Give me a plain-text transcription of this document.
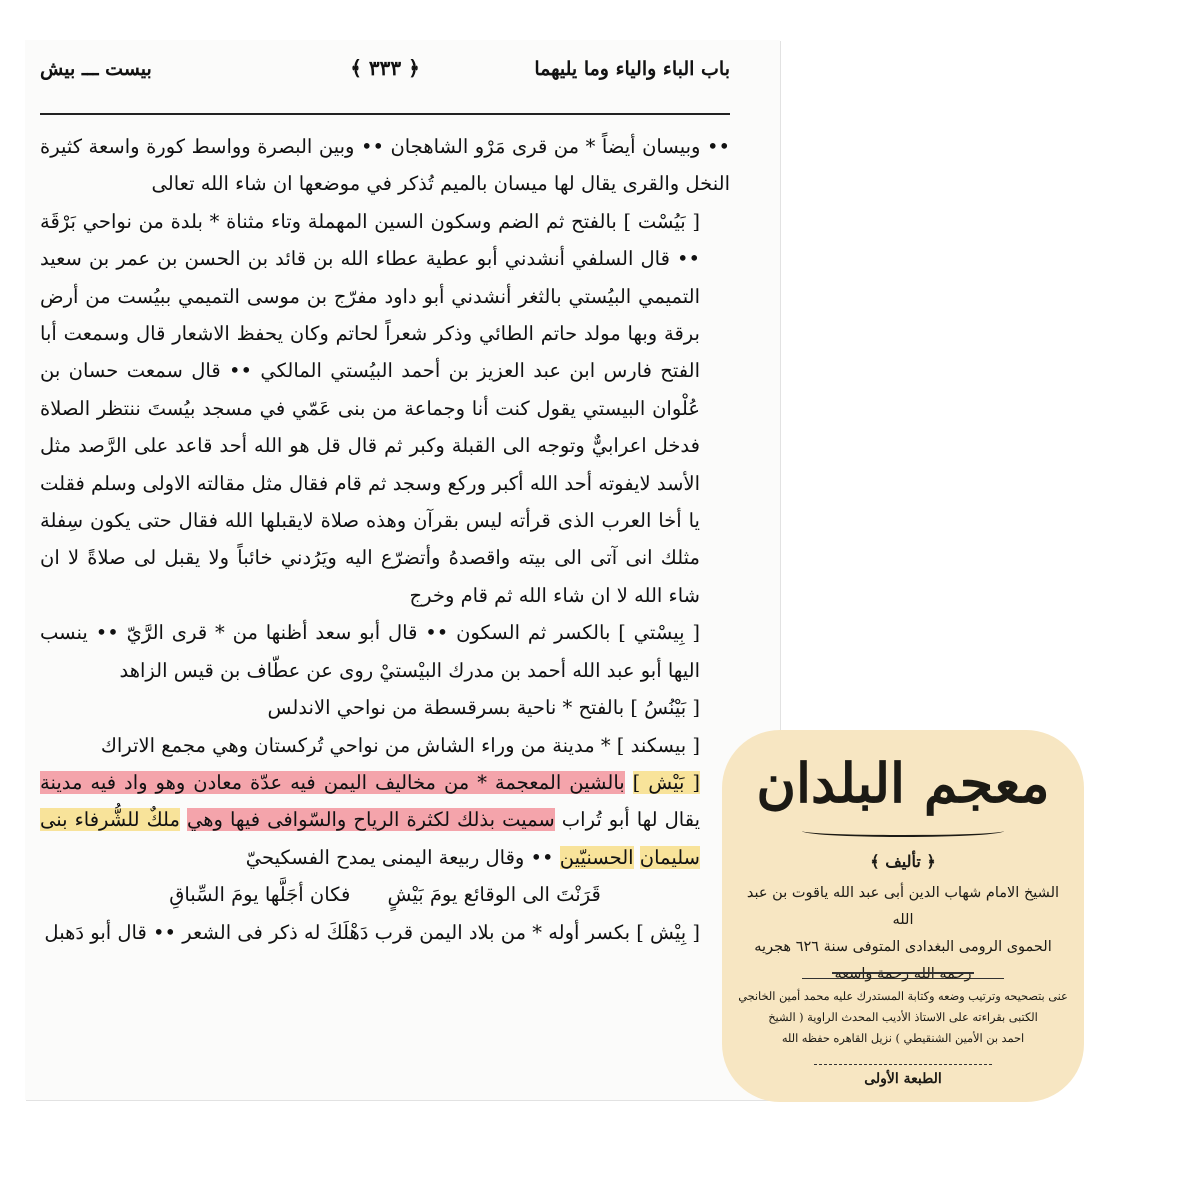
باب الباء والياء وما يليهما
﴿ ٣٣٣ ﴾
بيست ـــ بيش

•• وبيسان أيضاً * من قرى مَرْو الشاهجان •• وبين البصرة وواسط كورة واسعة كثيرة النخل والقرى يقال لها ميسان بالميم تُذكر في موضعها ان شاء الله تعالى

[ بَيُسْت ] بالفتح ثم الضم وسكون السين المهملة وتاء مثناة * بلدة من نواحي بَرْقَة •• قال السلفي أنشدني أبو عطية عطاء الله بن قائد بن الحسن بن عمر بن سعيد التميمي البيُستي بالثغر أنشدني أبو داود مفرّج بن موسى التميمي ببيُست من أرض برقة وبها مولد حاتم الطائي وذكر شعراً لحاتم وكان يحفظ الاشعار قال وسمعت أبا الفتح فارس ابن عبد العزيز بن أحمد البيُستي المالكي •• قال سمعت حسان بن عُلْوان البيستي يقول كنت أنا وجماعة من بنى عَمّي في مسجد بيُستَ ننتظر الصلاة فدخل اعرابيٌّ وتوجه الى القبلة وكبر ثم قال قل هو الله أحد قاعد على الرَّصد مثل الأسد لايفوته أحد الله أكبر وركع وسجد ثم قام فقال مثل مقالته الاولى وسلم فقلت يا أخا العرب الذى قرأته ليس بقرآن وهذه صلاة لايقبلها الله فقال حتى يكون سِفلة مثلك انى آتى الى بيته واقصدهُ وأتضرّع اليه ويَرُدني خائباً ولا يقبل لى صلاةً لا ان شاء الله لا ان شاء الله ثم قام وخرج

[ بِيسْتي ] بالكسر ثم السكون •• قال أبو سعد أظنها من * قرى الرَّيّ •• ينسب اليها أبو عبد الله أحمد بن مدرك البيْستيْ روى عن عطّاف بن قيس الزاهد

[ بَيْنُسُ ] بالفتح * ناحية بسرقسطة من نواحي الاندلس

[ بيسكند ] * مدينة من وراء الشاش من نواحي تُركستان وهي مجمع الاتراك

[ بَيْش ] بالشين المعجمة * من مخاليف اليمن فيه عدّة معادن وهو واد فيه مدينة يقال لها أبو تُراب سميت بذلك لكثرة الرياح والسّوافى فيها وهي ملكٌ للشُّرفاء بنى سليمان الحسنيّين •• وقال ربيعة اليمنى يمدح الفسكيحيّ

قَرَنْتَ الى الوقائع يومَ بَيْشٍ      فكان أجَلَّها يومَ السِّباقِ

[ بِيْش ] بكسر أوله * من بلاد اليمن قرب دَهْلَكَ له ذكر فى الشعر •• قال أبو دَهبل

معجم البلدان
﴿ تأليف ﴾
الشيخ الامام شهاب الدين أبى عبد الله ياقوت بن عبد الله
الحموى الرومى البغدادى المتوفى سنة ٦٢٦ هجريه
رحمه الله رحمة واسعه
عنى بتصحيحه وترتيب وضعه وكتابة المستدرك عليه محمد أمين الخانجي
الكتبى بقراءته على الاستاذ الأديب المحدث الراوية ( الشيخ
احمد بن الأمين الشنقيطي ) نزيل القاهره حفظه الله
الطبعة الأولى
